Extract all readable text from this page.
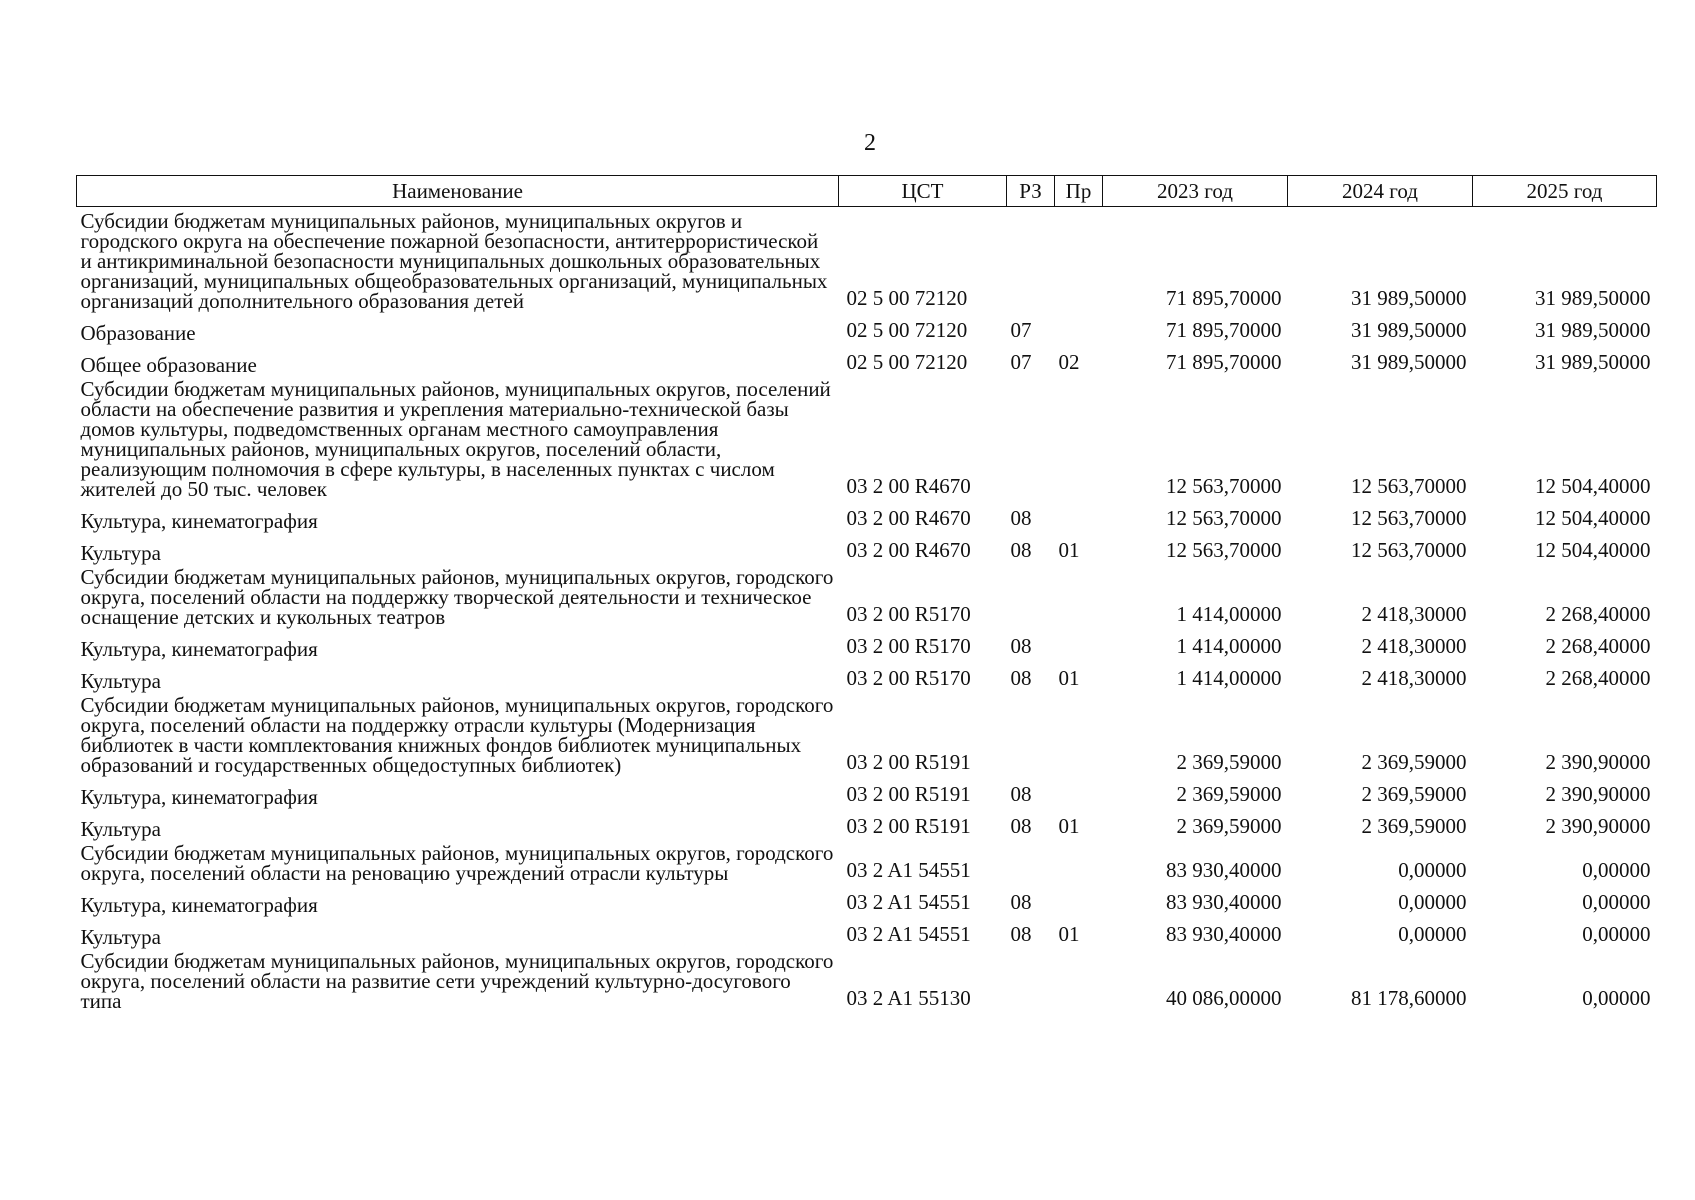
2
Наименование	ЦСТ	РЗ	Пр	2023 год	2024 год	2025 год
Субсидии бюджетам муниципальных районов, муниципальных округов и городского округа на обеспечение пожарной безопасности, антитеррористической и антикриминальной безопасности муниципальных дошкольных образовательных организаций, муниципальных общеобразовательных организаций, муниципальных организаций дополнительного образования детей	02 5 00 72120			71 895,70000	31 989,50000	31 989,50000
Образование	02 5 00 72120	07		71 895,70000	31 989,50000	31 989,50000
Общее образование	02 5 00 72120	07	02	71 895,70000	31 989,50000	31 989,50000
Субсидии бюджетам муниципальных районов, муниципальных округов, поселений области на обеспечение развития и укрепления материально-технической базы домов культуры, подведомственных органам местного самоуправления муниципальных районов, муниципальных округов, поселений области, реализующим полномочия в сфере культуры, в населенных пунктах с числом жителей до 50 тыс. человек	03 2 00 R4670			12 563,70000	12 563,70000	12 504,40000
Культура, кинематография	03 2 00 R4670	08		12 563,70000	12 563,70000	12 504,40000
Культура	03 2 00 R4670	08	01	12 563,70000	12 563,70000	12 504,40000
Субсидии бюджетам муниципальных районов, муниципальных округов, городского округа, поселений области на поддержку творческой деятельности и техническое оснащение детских и кукольных театров	03 2 00 R5170			1 414,00000	2 418,30000	2 268,40000
Культура, кинематография	03 2 00 R5170	08		1 414,00000	2 418,30000	2 268,40000
Культура	03 2 00 R5170	08	01	1 414,00000	2 418,30000	2 268,40000
Субсидии бюджетам муниципальных районов, муниципальных округов, городского округа, поселений области на поддержку отрасли культуры (Модернизация библиотек в части комплектования книжных фондов библиотек муниципальных образований и государственных общедоступных библиотек)	03 2 00 R5191			2 369,59000	2 369,59000	2 390,90000
Культура, кинематография	03 2 00 R5191	08		2 369,59000	2 369,59000	2 390,90000
Культура	03 2 00 R5191	08	01	2 369,59000	2 369,59000	2 390,90000
Субсидии бюджетам муниципальных районов, муниципальных округов, городского округа, поселений области на реновацию учреждений отрасли культуры	03 2 A1 54551			83 930,40000	0,00000	0,00000
Культура, кинематография	03 2 A1 54551	08		83 930,40000	0,00000	0,00000
Культура	03 2 A1 54551	08	01	83 930,40000	0,00000	0,00000
Субсидии бюджетам муниципальных районов, муниципальных округов, городского округа, поселений области на развитие сети учреждений культурно-досугового типа	03 2 A1 55130			40 086,00000	81 178,60000	0,00000
